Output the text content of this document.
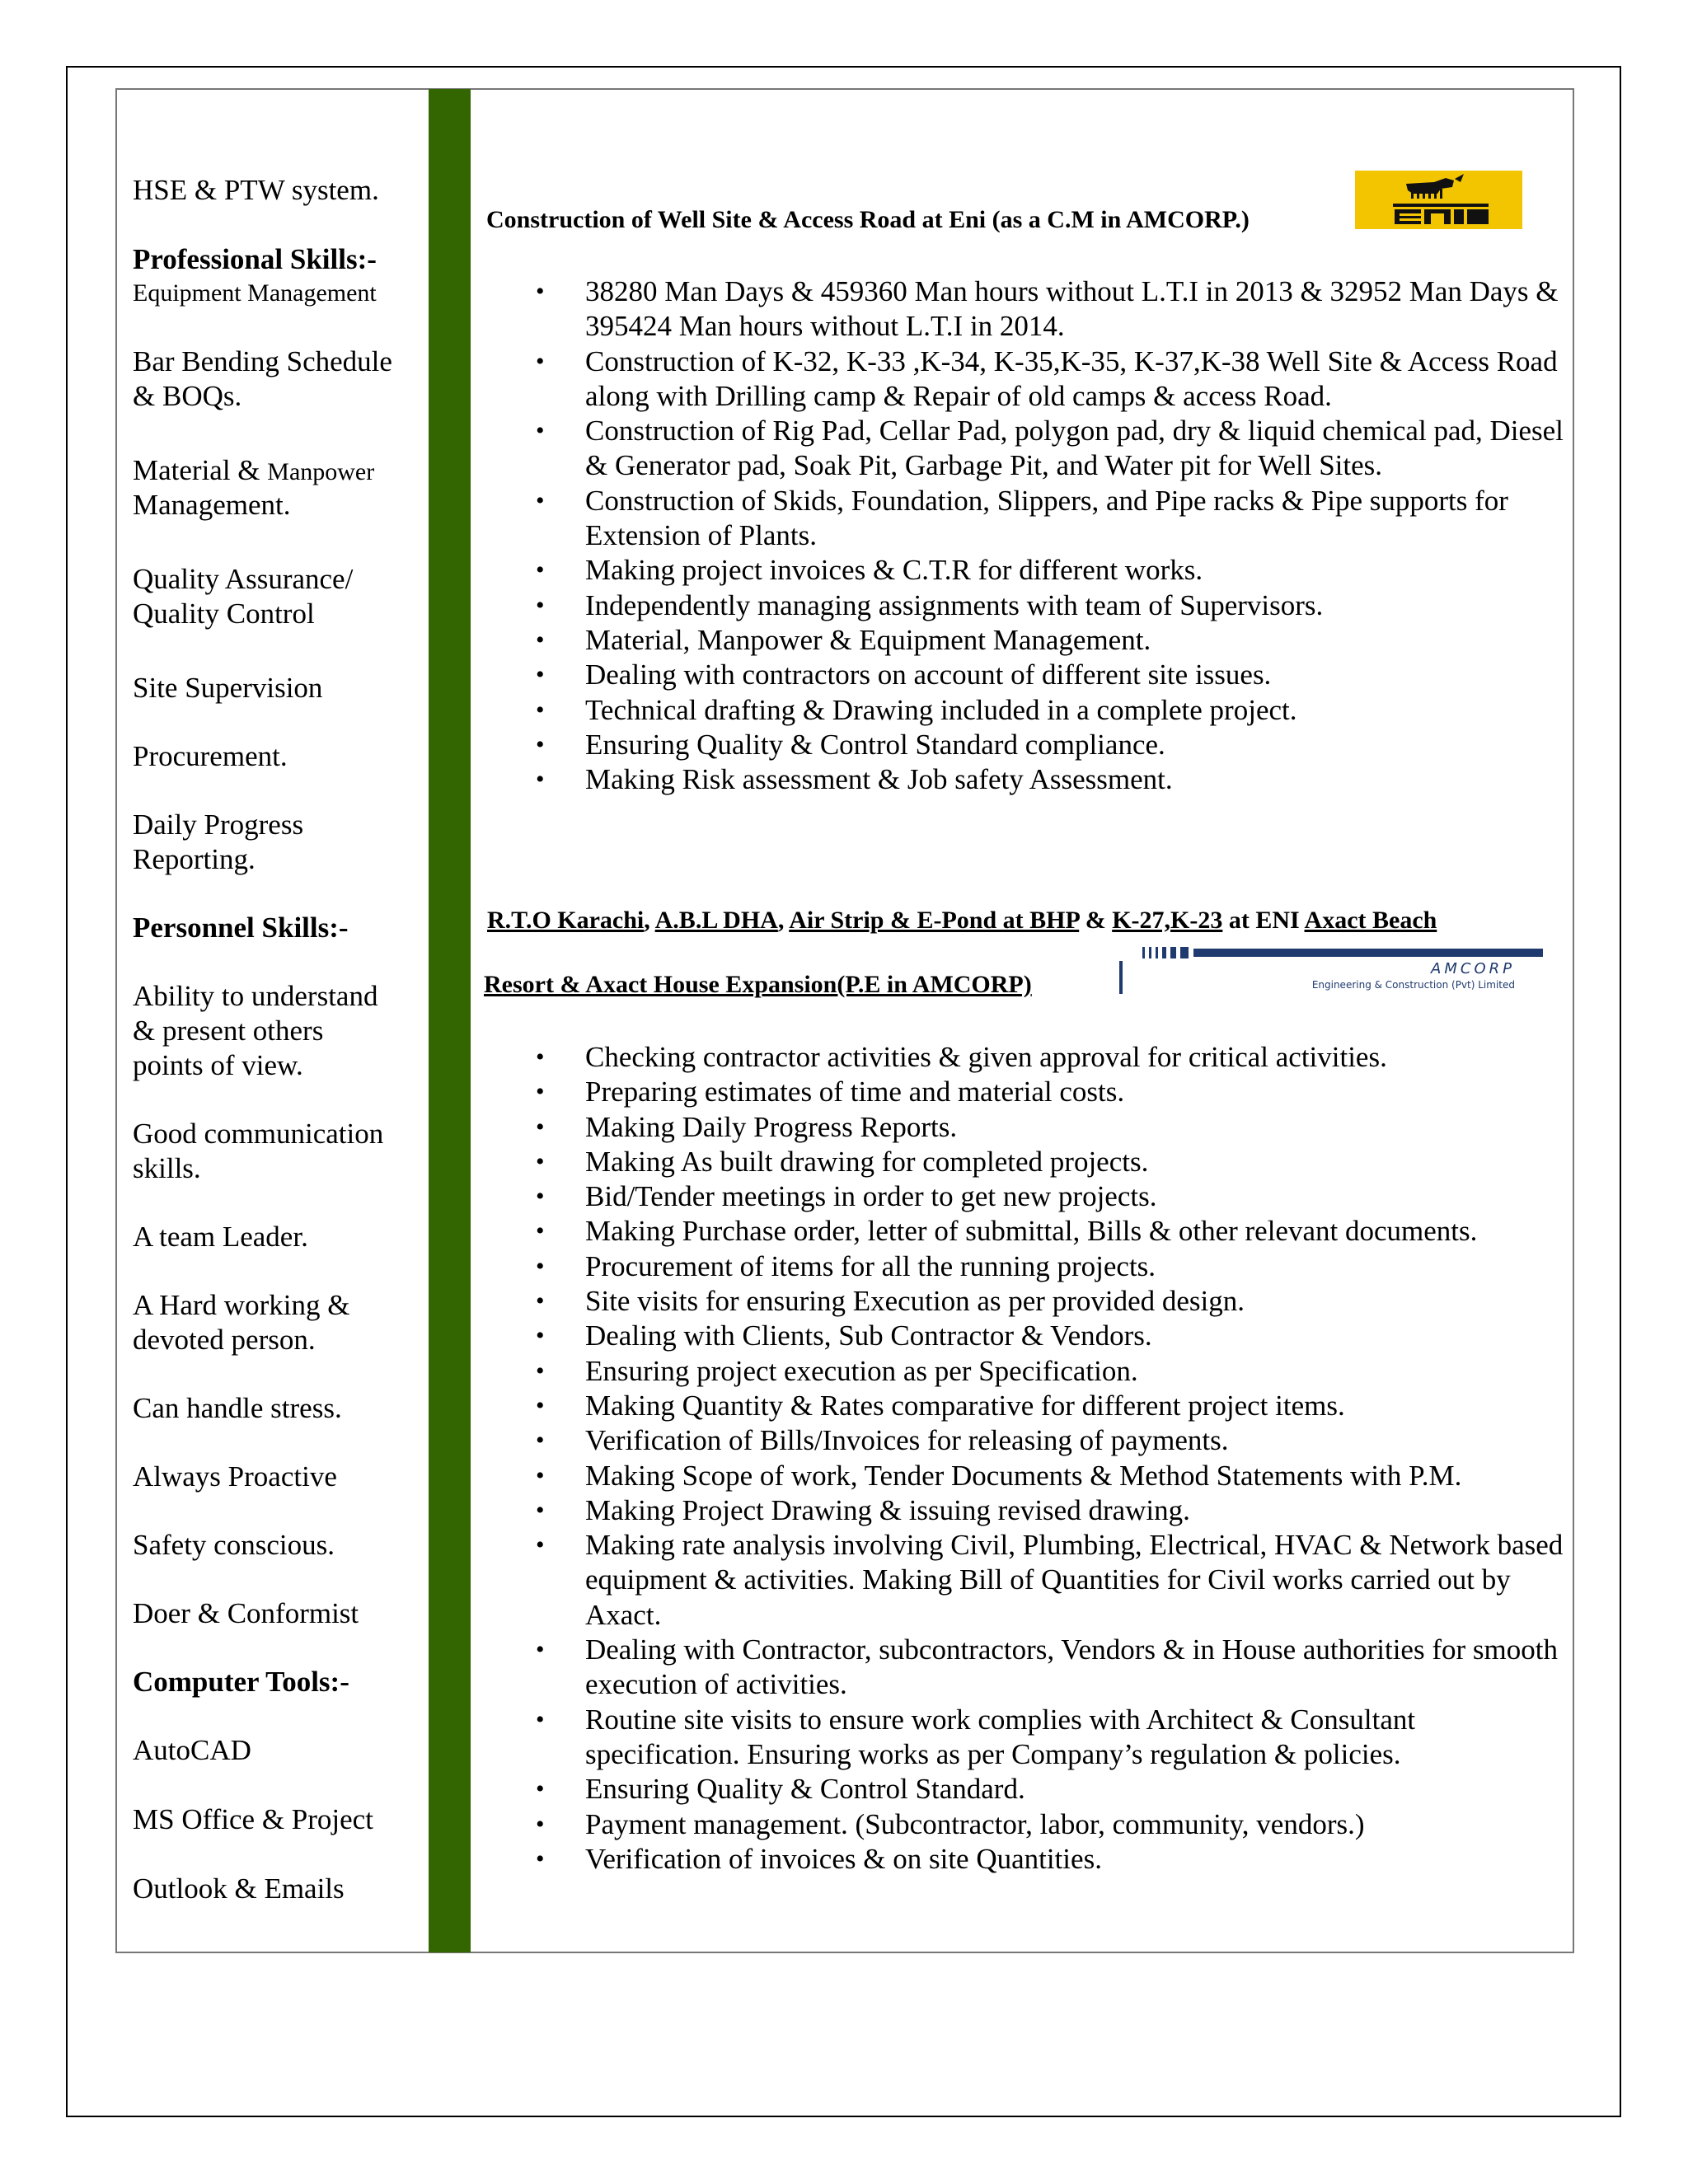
HSE & PTW system.
Professional Skills:-
Equipment Management
Bar Bending Schedule
& BOQs.
Material & Manpower
Management.
Quality Assurance/
Quality Control
Site Supervision
Procurement.
Daily Progress
Reporting.
Personnel Skills:-
Ability to understand
& present others
points of view.
Good communication
skills.
A team Leader.
A Hard working &
devoted person.
Can handle stress.
Always Proactive
Safety conscious.
Doer & Conformist
Computer Tools:-
AutoCAD
MS Office & Project
Outlook & Emails
Construction of Well Site & Access Road at Eni (as a C.M in AMCORP.)	Eni
• 38280 Man Days & 459360 Man hours without L.T.I in 2013 & 32952 Man Days & 395424 Man hours without L.T.I in 2014.
• Construction of K-32, K-33 ,K-34, K-35,K-35, K-37,K-38 Well Site & Access Road along with Drilling camp & Repair of old camps & access Road.
• Construction of Rig Pad, Cellar Pad, polygon pad, dry & liquid chemical pad, Diesel & Generator pad, Soak Pit, Garbage Pit, and Water pit for Well Sites.
• Construction of Skids, Foundation, Slippers, and Pipe racks & Pipe supports for Extension of Plants.
• Making project invoices & C.T.R for different works.
• Independently managing assignments with team of Supervisors.
• Material, Manpower & Equipment Management.
• Dealing with contractors on account of different site issues.
• Technical drafting & Drawing included in a complete project.
• Ensuring Quality & Control Standard compliance.
• Making Risk assessment & Job safety Assessment.
R.T.O Karachi, A.B.L DHA, Air Strip & E-Pond at BHP & K-27,K-23 at ENI Axact Beach
Resort & Axact House Expansion(P.E in AMCORP)
AMCORP
Engineering & Construction (Pvt) Limited
• Checking contractor activities & given approval for critical activities.
• Preparing estimates of time and material costs.
• Making Daily Progress Reports.
• Making As built drawing for completed projects.
• Bid/Tender meetings in order to get new projects.
• Making Purchase order, letter of submittal, Bills & other relevant documents.
• Procurement of items for all the running projects.
• Site visits for ensuring Execution as per provided design.
• Dealing with Clients, Sub Contractor & Vendors.
• Ensuring project execution as per Specification.
• Making Quantity & Rates comparative for different project items.
• Verification of Bills/Invoices for releasing of payments.
• Making Scope of work, Tender Documents & Method Statements with P.M.
• Making Project Drawing & issuing revised drawing.
• Making rate analysis involving Civil, Plumbing, Electrical, HVAC & Network based equipment & activities. Making Bill of Quantities for Civil works carried out by Axact.
• Dealing with Contractor, subcontractors, Vendors & in House authorities for smooth execution of activities.
• Routine site visits to ensure work complies with Architect & Consultant specification. Ensuring works as per Company’s regulation & policies.
• Ensuring Quality & Control Standard.
• Payment management. (Subcontractor, labor, community, vendors.)
• Verification of invoices & on site Quantities.
